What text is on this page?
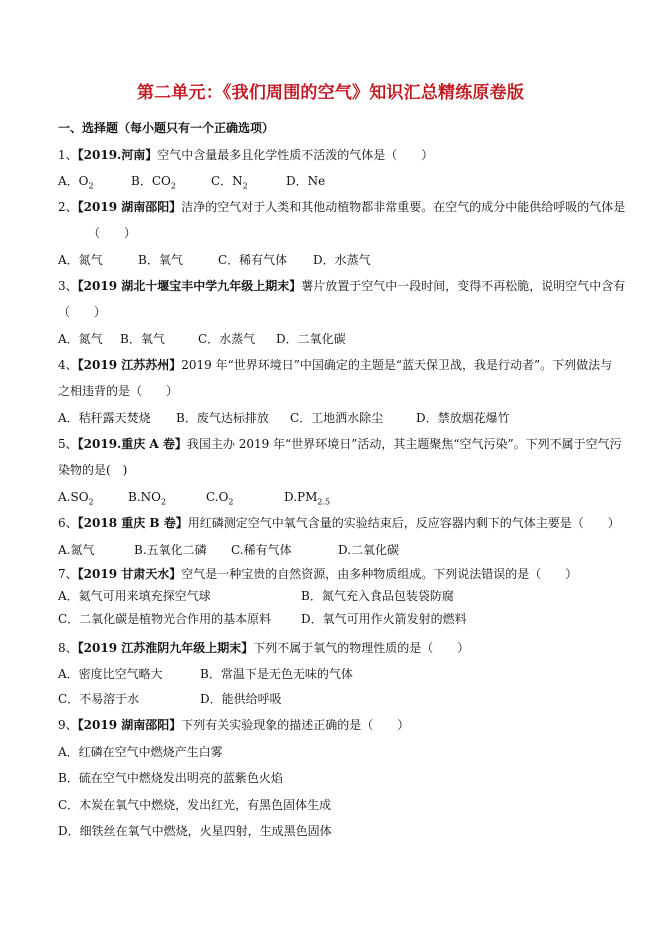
第二单元：《我们周围的空气》知识汇总精练原卷版
一、选择题（每小题只有一个正确选项）
1、【2019.河南】空气中含量最多且化学性质不活泼的气体是（　　）
A．$O_2$	B．$CO_2$	C．$N_2$	D．Ne
2、【2019 湖南邵阳】洁净的空气对于人类和其他动植物都非常重要。在空气的成分中能供给呼吸的气体是
（　　）
A．氮气	B．氧气	C．稀有气体 D．水蒸气
3、【2019 湖北十堰宝丰中学九年级上期末】薯片放置于空气中一段时间，变得不再松脆，说明空气中含有
（　　）
A．氮气 B．氧气	C．水蒸气 D．二氧化碳
4、【2019 江苏苏州】2019 年“世界环境日”中国确定的主题是“蓝天保卫战，我是行动者”。下列做法与
之相违背的是（　　）
A．秸秆露天焚烧 B．废气达标排放 C．工地洒水除尘	D．禁放烟花爆竹
5、【2019.重庆 A 卷】我国主办 2019 年“世界环境日”活动，其主题聚焦“空气污染”。下列不属于空气污
染物的是(　)
$A.SO_2$	$B.NO_2$	$C.O_2$	$D.PM_{2.5}$
6、【2018 重庆 B 卷】用红磷测定空气中氧气含量的实验结束后，反应容器内剩下的气体主要是（　　）
A.氮气	B.五氧化二磷 C.稀有气体	D.二氧化碳
7、【2019 甘肃天水】空气是一种宝贵的自然资源，由多种物质组成。下列说法错误的是（　　）
A．氦气可用来填充探空气球	B．氮气充入食品包装袋防腐
C．二氧化碳是植物光合作用的基本原料 D．氧气可用作火箭发射的燃料
8、【2019 江苏淮阴九年级上期末】下列不属于氧气的物理性质的是（　　）
A．密度比空气略大	B．常温下是无色无味的气体
C．不易溶于水	D．能供给呼吸
9、【2019 湖南邵阳】下列有关实验现象的描述正确的是（　　）
A．红磷在空气中燃烧产生白雾
B．硫在空气中燃烧发出明亮的蓝紫色火焰
C．木炭在氧气中燃烧，发出红光，有黑色固体生成
D．细铁丝在氧气中燃烧，火星四射，生成黑色固体
